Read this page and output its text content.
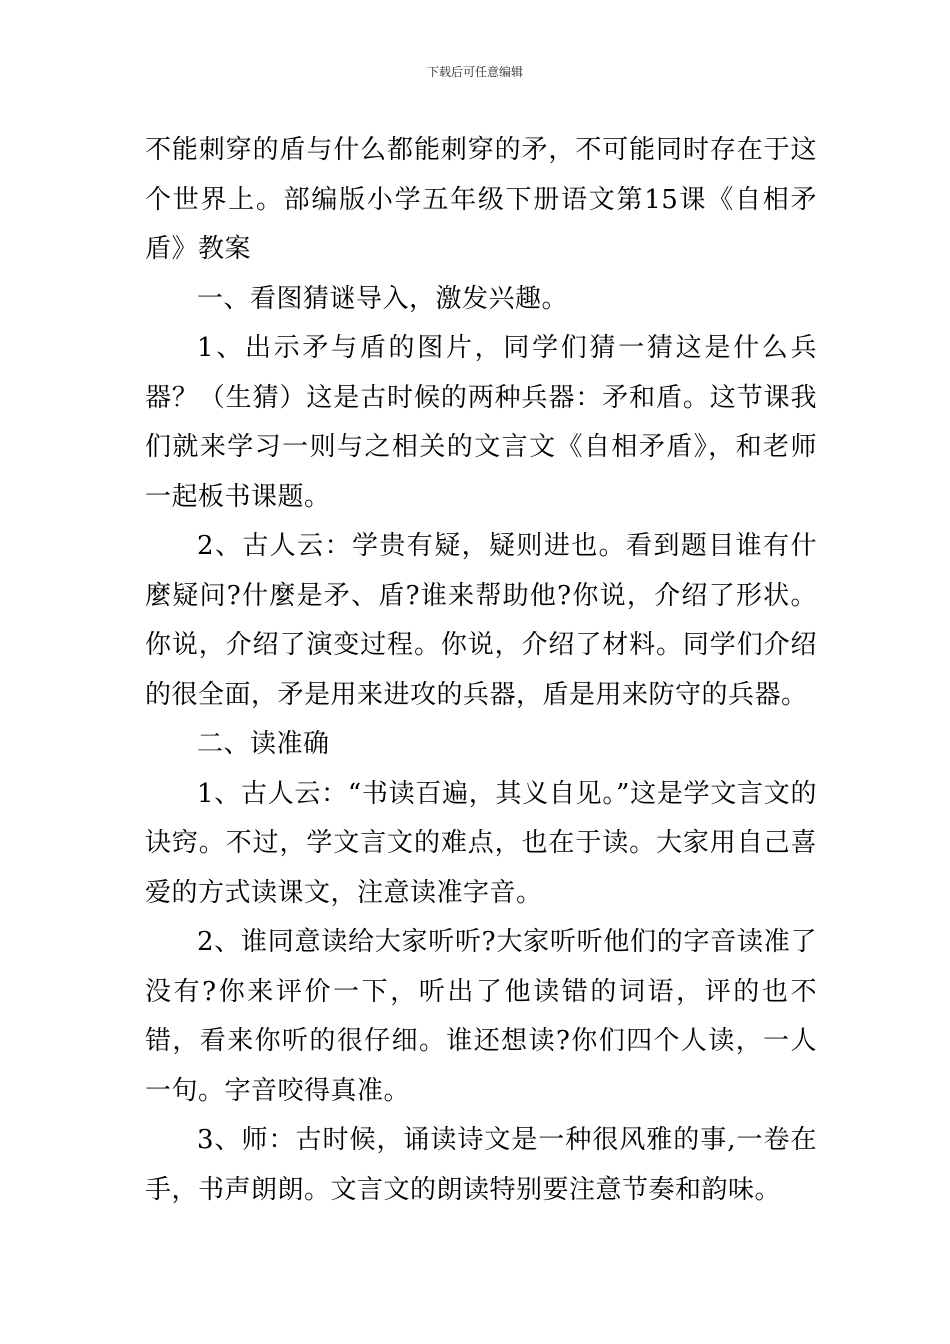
下载后可任意编辑

不能刺穿的盾与什么都能刺穿的矛，不可能同时存在于这个世界上。部编版小学五年级下册语文第15课《自相矛盾》教案

一、看图猜谜导入，激发兴趣。

1、出示矛与盾的图片，同学们猜一猜这是什么兵器？（生猜）这是古时候的两种兵器：矛和盾。这节课我们就来学习一则与之相关的文言文《自相矛盾》，和老师一起板书课题。

2、古人云：学贵有疑，疑则进也。看到题目谁有什麼疑问?什麼是矛、盾?谁来帮助他?你说，介绍了形状。你说，介绍了演变过程。你说，介绍了材料。同学们介绍的很全面，矛是用来进攻的兵器，盾是用来防守的兵器。

二、读准确

1、古人云：“书读百遍，其义自见。”这是学文言文的诀窍。不过，学文言文的难点，也在于读。大家用自己喜爱的方式读课文，注意读准字音。

2、谁同意读给大家听听?大家听听他们的字音读准了没有?你来评价一下，听出了他读错的词语，评的也不错，看来你听的很仔细。谁还想读?你们四个人读，一人一句。字音咬得真准。

3、师：古时候，诵读诗文是一种很风雅的事,一卷在手，书声朗朗。文言文的朗读特别要注意节奏和韵味。
